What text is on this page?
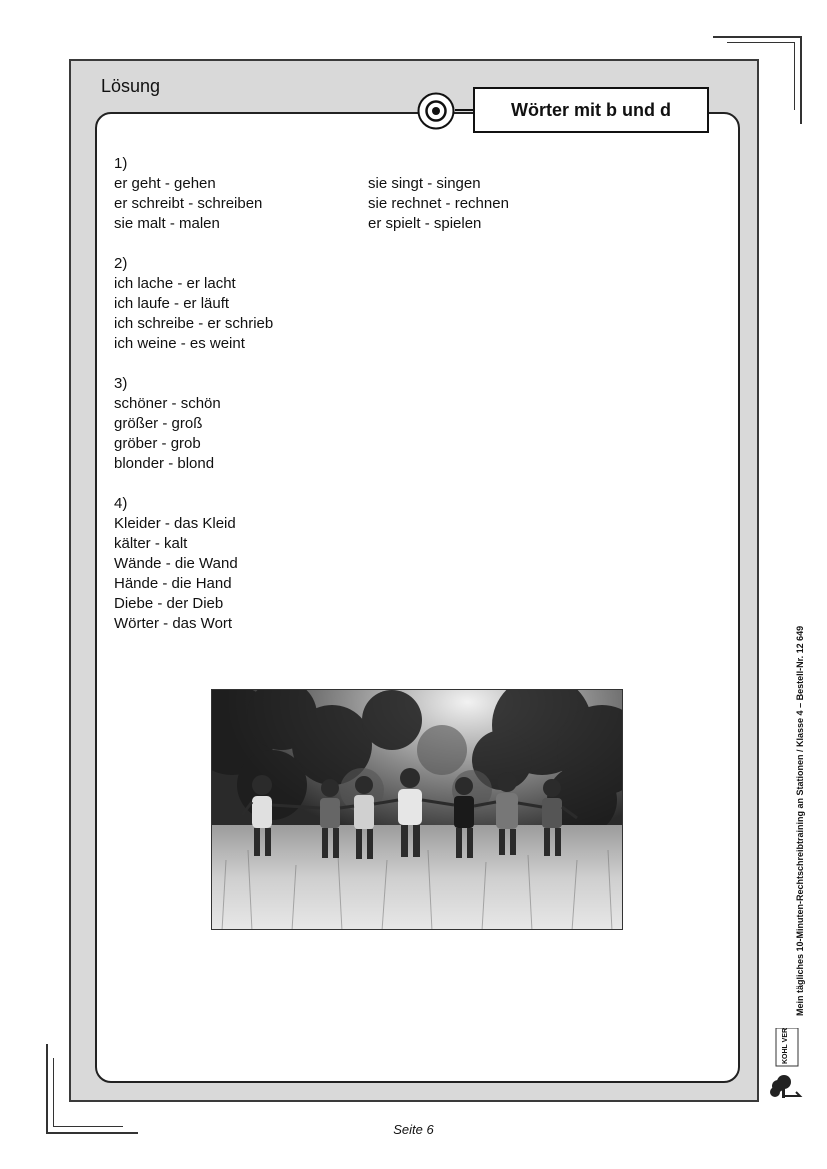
Lösung
Wörter mit b und d
1)
er geht - gehen
er schreibt - schreiben
sie malt - malen
2)
ich lache - er lacht
ich laufe - er läuft
ich schreibe - er schrieb
ich weine - es weint
3)
schöner - schön
größer - groß
gröber - grob
blonder - blond
4)
Kleider - das Kleid
kälter - kalt
Wände - die Wand
Hände - die Hand
Diebe - der Dieb
Wörter - das Wort
sie singt - singen
sie rechnet - rechnen
er spielt - spielen
Mein tägliches 10-Minuten-Rechtschreibtraining an Stationen / Klasse 4 – Bestell-Nr. 12 649
KOHL VERLAG
Seite 6
